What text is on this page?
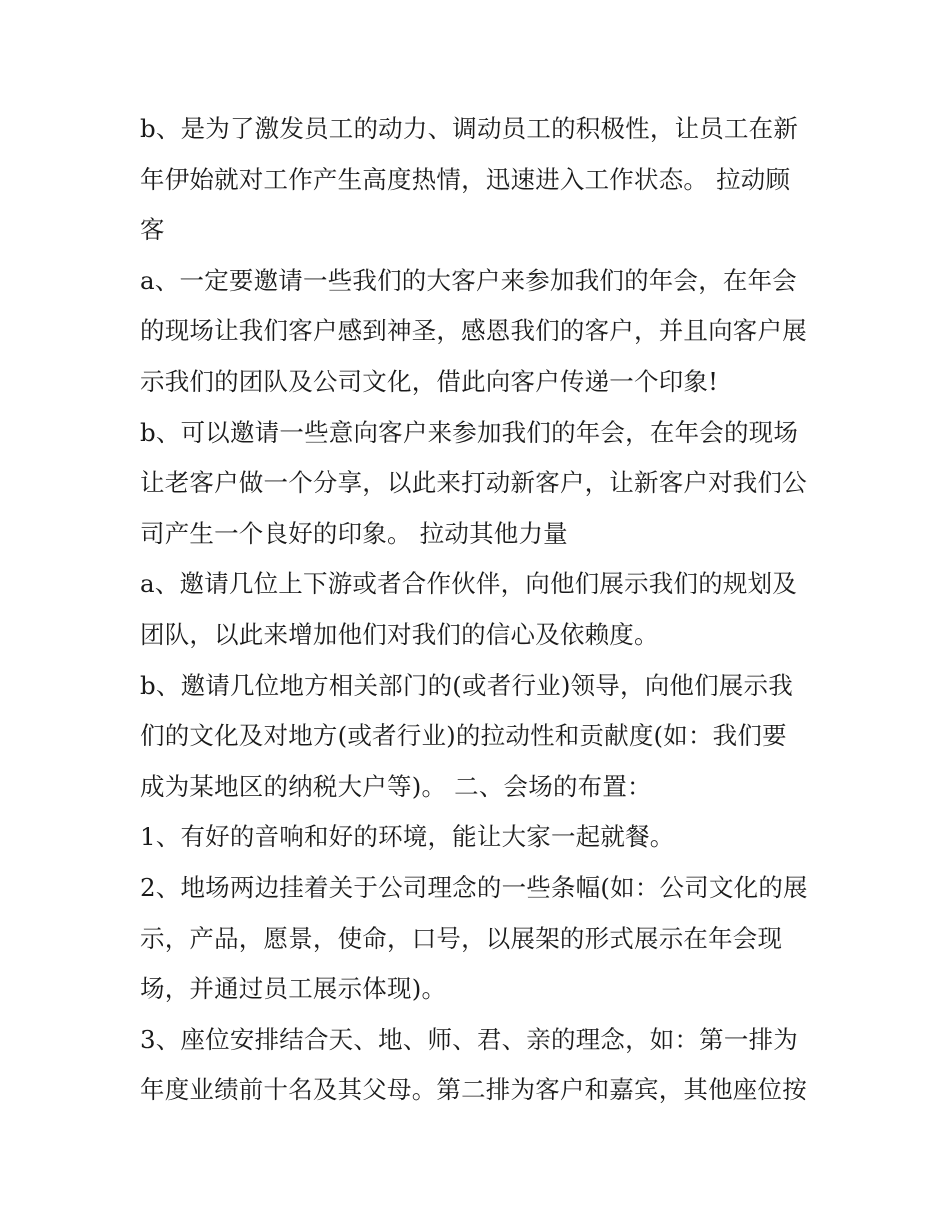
b、是为了激发员工的动力、调动员工的积极性，让员工在新
年伊始就对工作产生高度热情，迅速进入工作状态。 拉动顾
客

a、一定要邀请一些我们的大客户来参加我们的年会，在年会
的现场让我们客户感到神圣，感恩我们的客户，并且向客户展
示我们的团队及公司文化，借此向客户传递一个印象!

b、可以邀请一些意向客户来参加我们的年会，在年会的现场
让老客户做一个分享，以此来打动新客户，让新客户对我们公
司产生一个良好的印象。 拉动其他力量

a、邀请几位上下游或者合作伙伴，向他们展示我们的规划及
团队，以此来增加他们对我们的信心及依赖度。

b、邀请几位地方相关部门的(或者行业)领导，向他们展示我
们的文化及对地方(或者行业)的拉动性和贡献度(如：我们要
成为某地区的纳税大户等)。 二、会场的布置：

1、有好的音响和好的环境，能让大家一起就餐。

2、地场两边挂着关于公司理念的一些条幅(如：公司文化的展
示，产品，愿景，使命，口号，以展架的形式展示在年会现
场，并通过员工展示体现)。

3、座位安排结合天、地、师、君、亲的理念，如：第一排为
年度业绩前十名及其父母。第二排为客户和嘉宾，其他座位按
